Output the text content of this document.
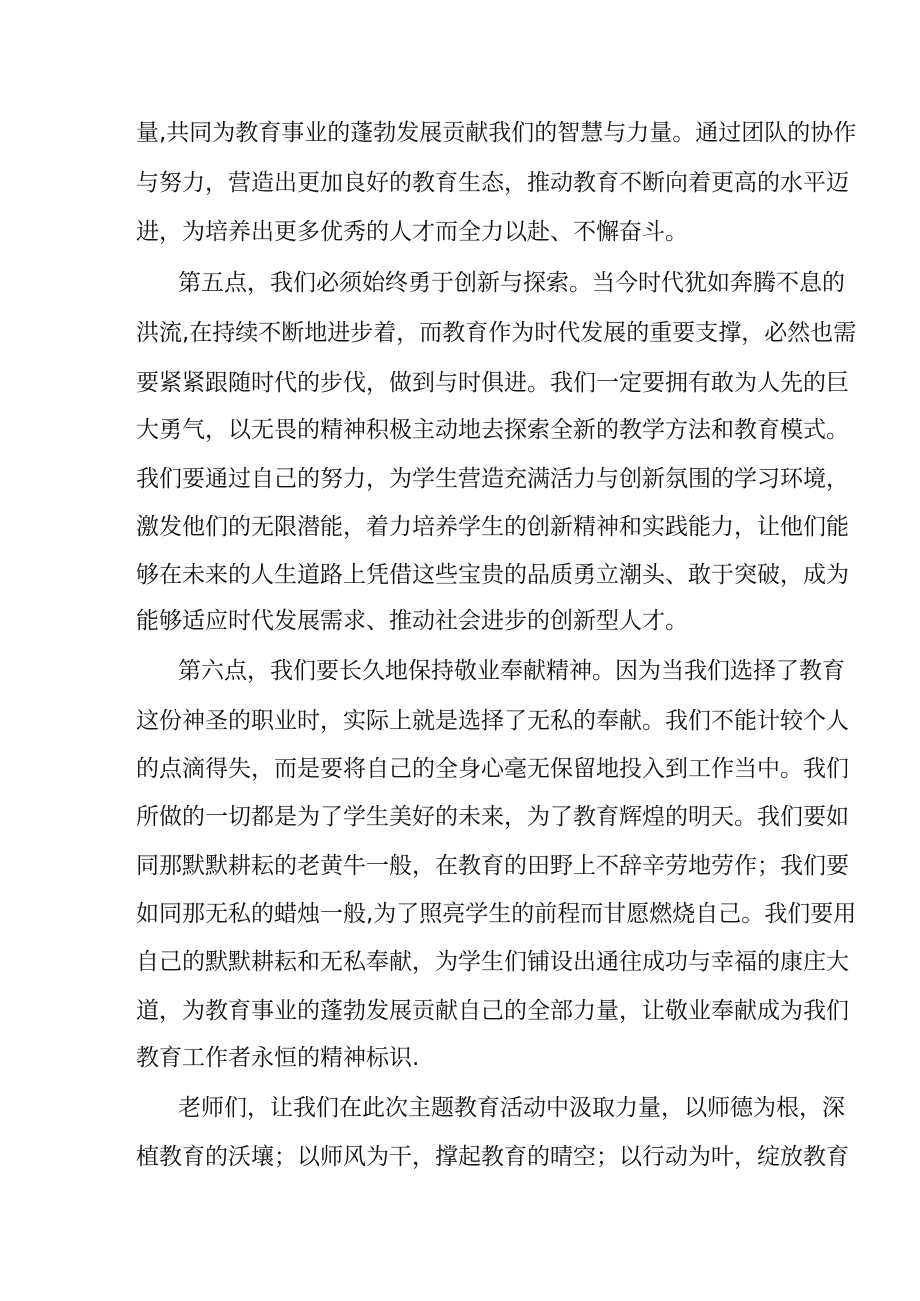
量,共同为教育事业的蓬勃发展贡献我们的智慧与力量。通过团队的协作
与努力，营造出更加良好的教育生态，推动教育不断向着更高的水平迈
进，为培养出更多优秀的人才而全力以赴、不懈奋斗。
第五点，我们必须始终勇于创新与探索。当今时代犹如奔腾不息的
洪流,在持续不断地进步着，而教育作为时代发展的重要支撑，必然也需
要紧紧跟随时代的步伐，做到与时俱进。我们一定要拥有敢为人先的巨
大勇气，以无畏的精神积极主动地去探索全新的教学方法和教育模式。
我们要通过自己的努力，为学生营造充满活力与创新氛围的学习环境，
激发他们的无限潜能，着力培养学生的创新精神和实践能力，让他们能
够在未来的人生道路上凭借这些宝贵的品质勇立潮头、敢于突破，成为
能够适应时代发展需求、推动社会进步的创新型人才。
第六点，我们要长久地保持敬业奉献精神。因为当我们选择了教育
这份神圣的职业时，实际上就是选择了无私的奉献。我们不能计较个人
的点滴得失，而是要将自己的全身心毫无保留地投入到工作当中。我们
所做的一切都是为了学生美好的未来，为了教育辉煌的明天。我们要如
同那默默耕耘的老黄牛一般，在教育的田野上不辞辛劳地劳作；我们要
如同那无私的蜡烛一般,为了照亮学生的前程而甘愿燃烧自己。我们要用
自己的默默耕耘和无私奉献，为学生们铺设出通往成功与幸福的康庄大
道，为教育事业的蓬勃发展贡献自己的全部力量，让敬业奉献成为我们
教育工作者永恒的精神标识.
老师们，让我们在此次主题教育活动中汲取力量，以师德为根，深
植教育的沃壤；以师风为干，撑起教育的晴空；以行动为叶，绽放教育
